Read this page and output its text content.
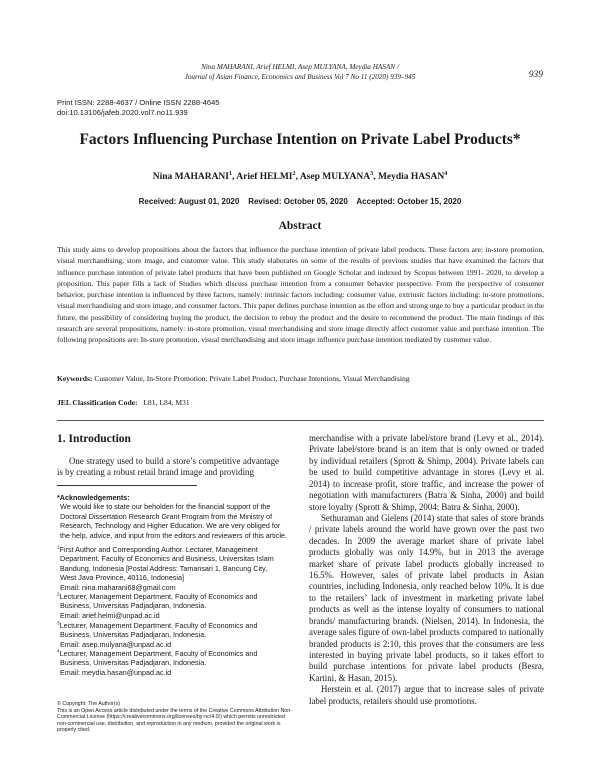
Nina MAHARANI, Arief HELMI, Asep MULYANA, Meydia HASAN /
Journal of Asian Finance, Economics and Business Vol 7 No 11 (2020) 939–945	939
Print ISSN: 2288-4637 / Online ISSN 2288-4645
doi:10.13106/jafeb.2020.vol7.no11.939
Factors Influencing Purchase Intention on Private Label Products*
Nina MAHARANI$^1$, Arief HELMI$^2$, Asep MULYANA$^3$, Meydia HASAN$^4$
Received: August 01, 2020 Revised: October 05, 2020 Accepted: October 15, 2020
Abstract
This study aims to develop propositions about the factors that influence the purchase intention of private label products. These factors are: in-store promotion, visual merchandising, store image, and customer value. This study elaborates on some of the results of previous studies that have examined the factors that influence purchase intention of private label products that have been published on Google Scholar and indexed by Scopus between 1991- 2020, to develop a proposition. This paper fills a lack of Studies which discuss purchase intention from a consumer behavior perspective. From the perspective of consumer behavior, purchase intention is influenced by three factors, namely: intrinsic factors including: consumer value, extrinsic factors including: in-store promotions, visual merchandising and store image, and consumer factors. This paper defines purchase intention as the effort and strong urge to buy a particular product in the future, the possibility of considering buying the product, the decision to rebuy the product and the desire to recommend the product. The main findings of this research are several propositions, namely: in-store promotion, visual merchandising and store image directly affect customer value and purchase intention. The following propositions are: In-store promotion, visual merchandising and store image influence purchase intention mediated by customer value.
Keywords: Customer Value, In-Store Promotion, Private Label Product, Purchase Intentions, Visual Merchandising
JEL Classification Code: L81, L84, M31
1. Introduction
One strategy used to build a store’s competitive advantage is by creating a robust retail brand image and providing
*Acknowledgements:
We would like to state our beholden for the financial support of the Doctoral Dissertation Research Grant Program from the Ministry of Research, Technology and Higher Education. We are very obliged for the help, advice, and input from the editors and reviewers of this article.
$^1$First Author and Corresponding Author. Lecturer, Management
Department, Faculty of Economics and Business, Universitas Islam
Bandung, Indonesia [Postal Address: Tamansari 1, Bancung City,
West Java Province, 40116, Indonesia]
Email: nina.maharani68@gmail.com
$^2$Lecturer, Management Department, Faculty of Economics and
Business, Universitas Padjadjaran, Indonesia.
Email: arief.helmi@unpad.ac.id
$^3$Lecturer, Management Department, Faculty of Economics and
Business, Universitas Padjadjaran, Indonesia.
Email: asep.mulyana@unpad.ac.id
$^4$Lecturer, Management Department, Faculty of Economics and
Business, Universitas Padjadjaran, Indonesia.
Email: meydia.hasan@unpad.ac.id
© Copyright: The Author(s)
This is an Open Access article distributed under the terms of the Creative Commons Attribution Non-Commercial License (https://creativecommons.org/licenses/by-nc/4.0/) which permits unrestricted non-commercial use, distribution, and reproduction in any medium, provided the original work is properly cited.

merchandise with a private label/store brand (Levy et al., 2014). Private label/store brand is an item that is only owned or traded by individual retailers (Sprott & Shimp, 2004). Private labels can be used to build competitive advantage in stores (Levy et al. 2014) to increase profit, store traffic, and increase the power of negotiation with manufacturers (Batra & Sinha, 2000) and build store loyalty (Sprott & Shimp, 2004: Batra & Sinha, 2000).

Sethuraman and Gielens (2014) state that sales of store brands / private labels around the world have grown over the past two decades. In 2009 the average market share of private label products globally was only 14.9%, but in 2013 the average market share of private label products globally increased to 16.5%. However, sales of private label products in Asian countries, including Indonesia, only reached below 10%. It is due to the retailers’ lack of investment in marketing private label products as well as the intense loyalty of consumers to national brands/ manufacturing brands. (Nielsen, 2014). In Indonesia, the average sales figure of own-label products compared to nationally branded products is 2:10, this proves that the consumers are less interested in buying private label products, so it takes effort to build purchase intentions for private label products (Besra, Kartini, & Hasan, 2015).

Herstein et al. (2017) argue that to increase sales of private label products, retailers should use promotions.
